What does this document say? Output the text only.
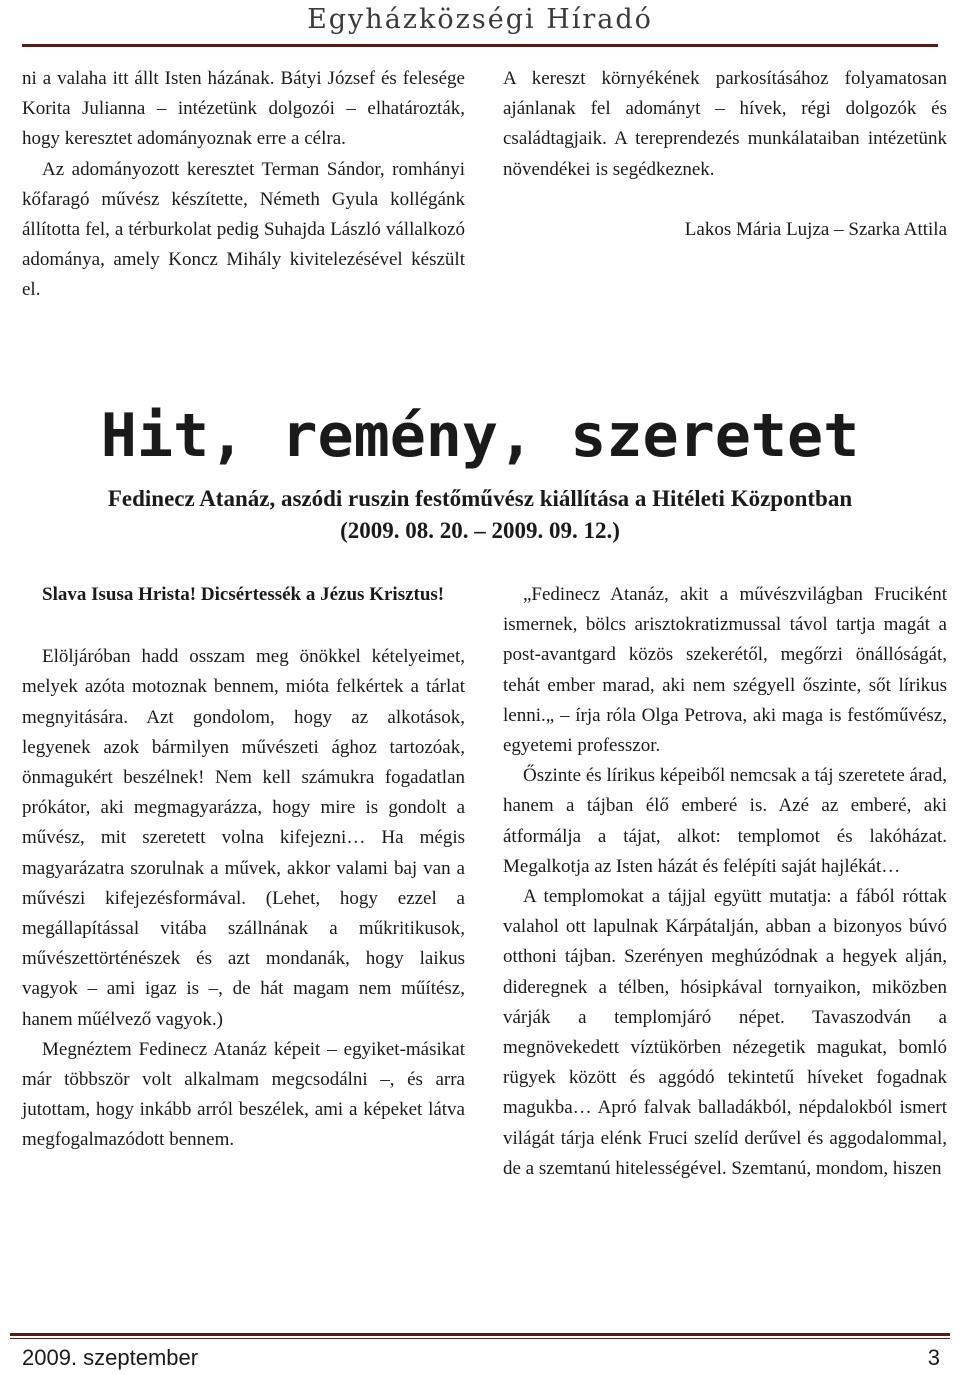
Egyházközségi Híradó

ni a valaha itt állt Isten házának. Bátyi József és felesége Korita Julianna – intézetünk dolgozói – elhatározták, hogy keresztet adományoznak erre a célra.

Az adományozott keresztet Terman Sándor, romhányi kőfaragó művész készítette, Németh Gyula kollégánk állította fel, a térburkolat pedig Suhajda László vállalkozó adománya, amely Koncz Mihály kivitelezésével készült el.

A kereszt környékének parkosításához folyamatosan ajánlanak fel adományt – hívek, régi dolgozók és családtagjaik. A tereprendezés munkálataiban intézetünk növendékei is segédkeznek.

Lakos Mária Lujza – Szarka Attila

Hit, remény, szeretet
Fedinecz Atanáz, aszódi ruszin festőművész kiállítása a Hitéleti Központban
(2009. 08. 20. – 2009. 09. 12.)

Slava Isusa Hrista! Dicsértessék a Jézus Krisztus!

Elöljáróban hadd osszam meg önökkel kételyeimet, melyek azóta motoznak bennem, mióta felkértek a tárlat megnyitására. Azt gondolom, hogy az alkotások, legyenek azok bármilyen művészeti ághoz tartozóak, önmagukért beszélnek! Nem kell számukra fogadatlan prókátor, aki megmagyarázza, hogy mire is gondolt a művész, mit szeretett volna kifejezni… Ha mégis magyarázatra szorulnak a művek, akkor valami baj van a művészi kifejezésformával. (Lehet, hogy ezzel a megállapítással vitába szállnának a műkritikusok, művészettörténészek és azt mondanák, hogy laikus vagyok – ami igaz is –, de hát magam nem műítész, hanem műélvező vagyok.)

Megnéztem Fedinecz Atanáz képeit – egyiket-másikat már többször volt alkalmam megcsodálni –, és arra jutottam, hogy inkább arról beszélek, ami a képeket látva megfogalmazódott bennem.

„Fedinecz Atanáz, akit a művészvilágban Fruciként ismernek, bölcs arisztokratizmussal távol tartja magát a post-avantgard közös szekerétől, megőrzi önállóságát, tehát ember marad, aki nem szégyell őszinte, sőt lírikus lenni.„ – írja róla Olga Petrova, aki maga is festőművész, egyetemi professzor.

Őszinte és lírikus képeiből nemcsak a táj szeretete árad, hanem a tájban élő emberé is. Azé az emberé, aki átformálja a tájat, alkot: templomot és lakóházat. Megalkotja az Isten házát és felépíti saját hajlékát…

A templomokat a tájjal együtt mutatja: a fából róttak valahol ott lapulnak Kárpátalján, abban a bizonyos búvó otthoni tájban. Szerényen meghúzódnak a hegyek alján, dideregnek a télben, hósipkával tornyaikon, miközben várják a templomjáró népet. Tavaszodván a megnövekedett víztükörben nézegetik magukat, bomló rügyek között és aggódó tekintetű híveket fogadnak magukba… Apró falvak balladákból, népdalokból ismert világát tárja elénk Fruci szelíd derűvel és aggodalommal, de a szemtanú hitelességével. Szemtanú, mondom, hiszen

2009. szeptember	3
